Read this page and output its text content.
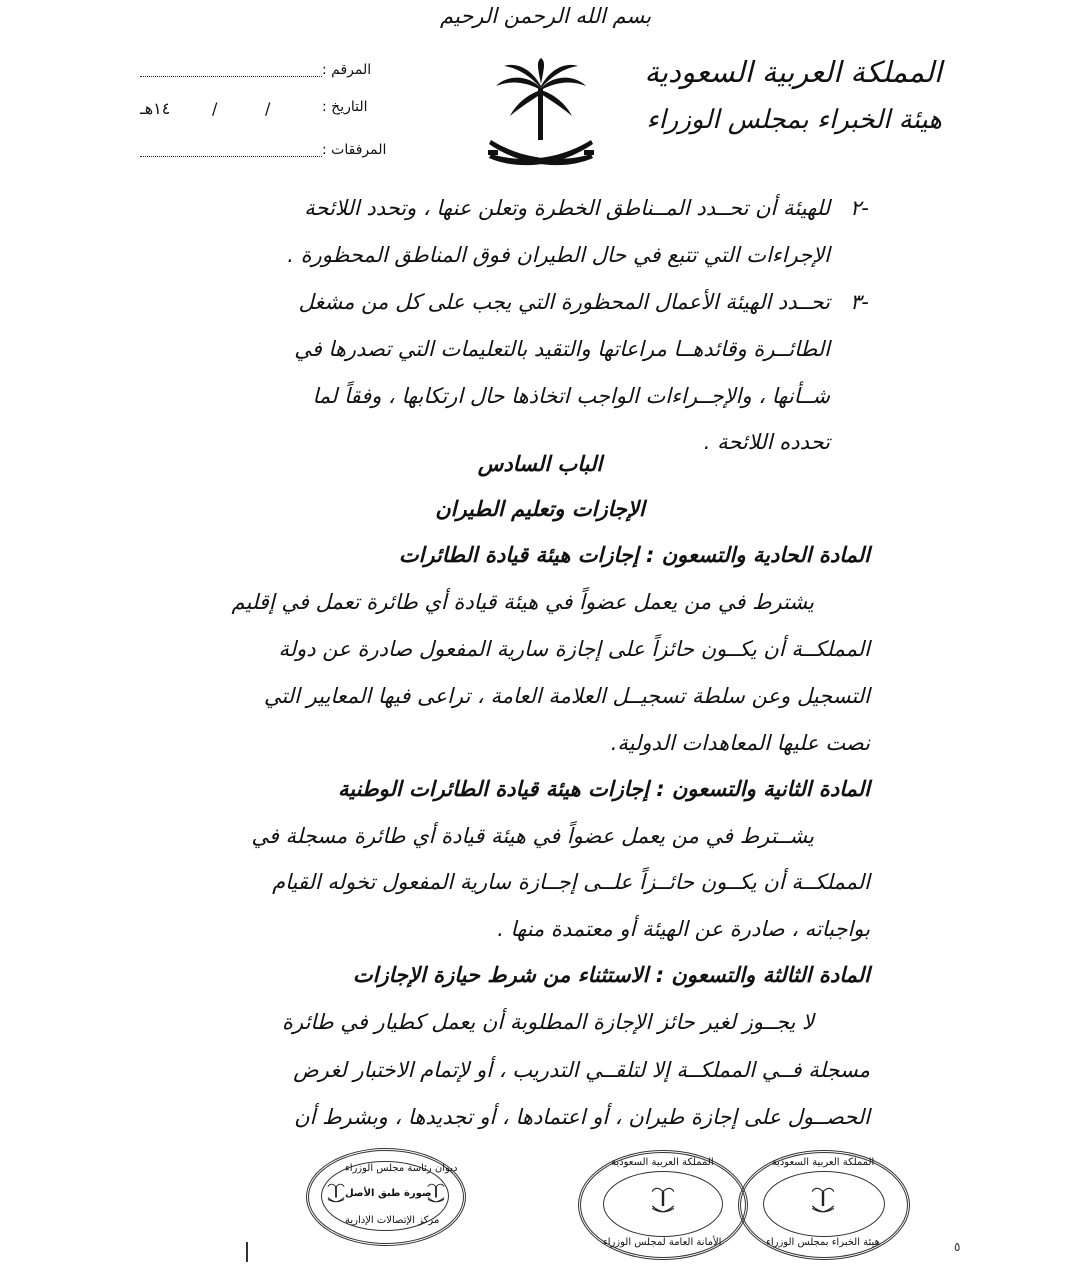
بسم الله الرحمن الرحيم
المملكة العربية السعودية
هيئة الخبراء بمجلس الوزراء
المرقم :
التاريخ :
/
/
١٤هـ
المرفقات :
٢-
للهيئة أن تحــدد المــناطق الخطرة وتعلن عنها ، وتحدد اللائحة
الإجراءات التي تتبع في حال الطيران فوق المناطق المحظورة .
٣-
تحــدد الهيئة الأعمال المحظورة التي يجب على كل من مشغل
الطائــرة وقائدهــا مراعاتها والتقيد بالتعليمات التي تصدرها في
شــأنها ، والإجــراءات الواجب اتخاذها حال ارتكابها ، وفقاً لما
تحدده اللائحة .
الباب السادس
الإجازات وتعليم الطيران
المادة الحادية والتسعون : إجازات هيئة قيادة الطائرات
يشترط في من يعمل عضواً في هيئة قيادة أي طائرة تعمل في إقليم
المملكــة أن يكــون حائزاً على إجازة سارية المفعول صادرة عن دولة
التسجيل وعن سلطة تسجيــل العلامة العامة ، تراعى فيها المعايير التي
نصت عليها المعاهدات الدولية.
المادة الثانية والتسعون : إجازات هيئة قيادة الطائرات الوطنية
يشــترط في من يعمل عضواً في هيئة قيادة أي طائرة مسجلة في
المملكــة أن يكــون حائــزاً علــى إجــازة سارية المفعول تخوله القيام
بواجباته ، صادرة عن الهيئة أو معتمدة منها .
المادة الثالثة والتسعون : الاستثناء من شرط حيازة الإجازات
لا يجــوز لغير حائز الإجازة المطلوبة أن يعمل كطيار في طائرة
مسجلة فــي المملكــة إلا لتلقــي التدريب ، أو لإتمام الاختبار لغرض
الحصــول على إجازة طيران ، أو اعتمادها ، أو تجديدها ، وبشرط أن
ديوان رئاسة مجلس الوزراء
صورة طبق الأصل
مركز الإتصالات الإدارية
المملكة العربية السعودية
الأمانة العامة لمجلس الوزراء
المملكة العربية السعودية
هيئة الخبراء بمجلس الوزراء	٥
